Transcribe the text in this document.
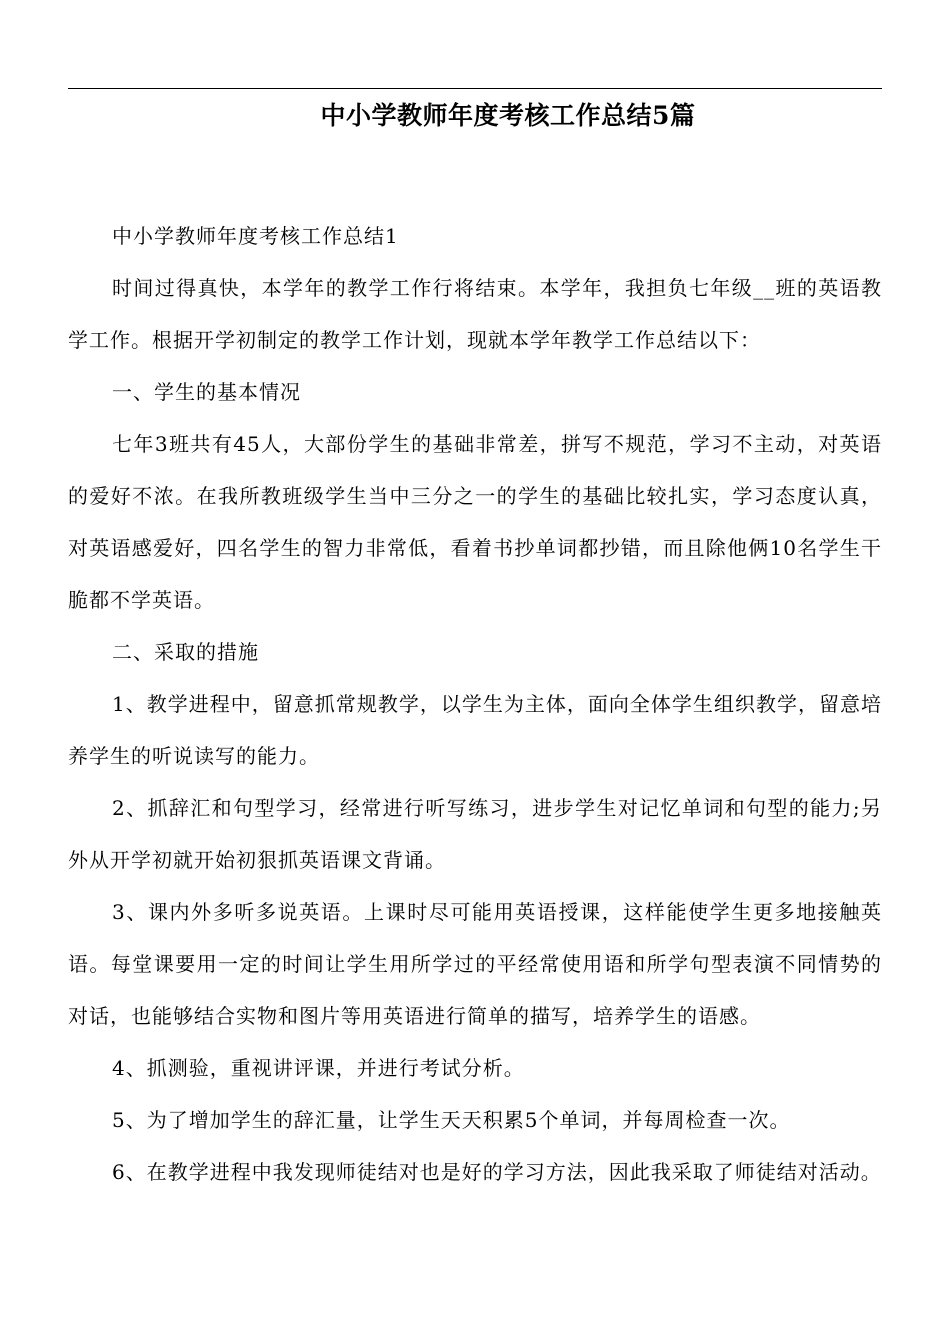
中小学教师年度考核工作总结5篇

中小学教师年度考核工作总结1

时间过得真快，本学年的教学工作行将结束。本学年，我担负七年级__班的英语教学工作。根据开学初制定的教学工作计划，现就本学年教学工作总结以下：

一、学生的基本情况

七年3班共有45人，大部份学生的基础非常差，拼写不规范，学习不主动，对英语的爱好不浓。在我所教班级学生当中三分之一的学生的基础比较扎实，学习态度认真，对英语感爱好，四名学生的智力非常低，看着书抄单词都抄错，而且除他俩10名学生干脆都不学英语。

二、采取的措施

1、教学进程中，留意抓常规教学，以学生为主体，面向全体学生组织教学，留意培养学生的听说读写的能力。

2、抓辞汇和句型学习，经常进行听写练习，进步学生对记忆单词和句型的能力;另外从开学初就开始初狠抓英语课文背诵。

3、课内外多听多说英语。上课时尽可能用英语授课，这样能使学生更多地接触英语。每堂课要用一定的时间让学生用所学过的平经常使用语和所学句型表演不同情势的对话，也能够结合实物和图片等用英语进行简单的描写，培养学生的语感。

4、抓测验，重视讲评课，并进行考试分析。

5、为了增加学生的辞汇量，让学生天天积累5个单词，并每周检查一次。

6、在教学进程中我发现师徒结对也是好的学习方法，因此我采取了师徒结对活动。
